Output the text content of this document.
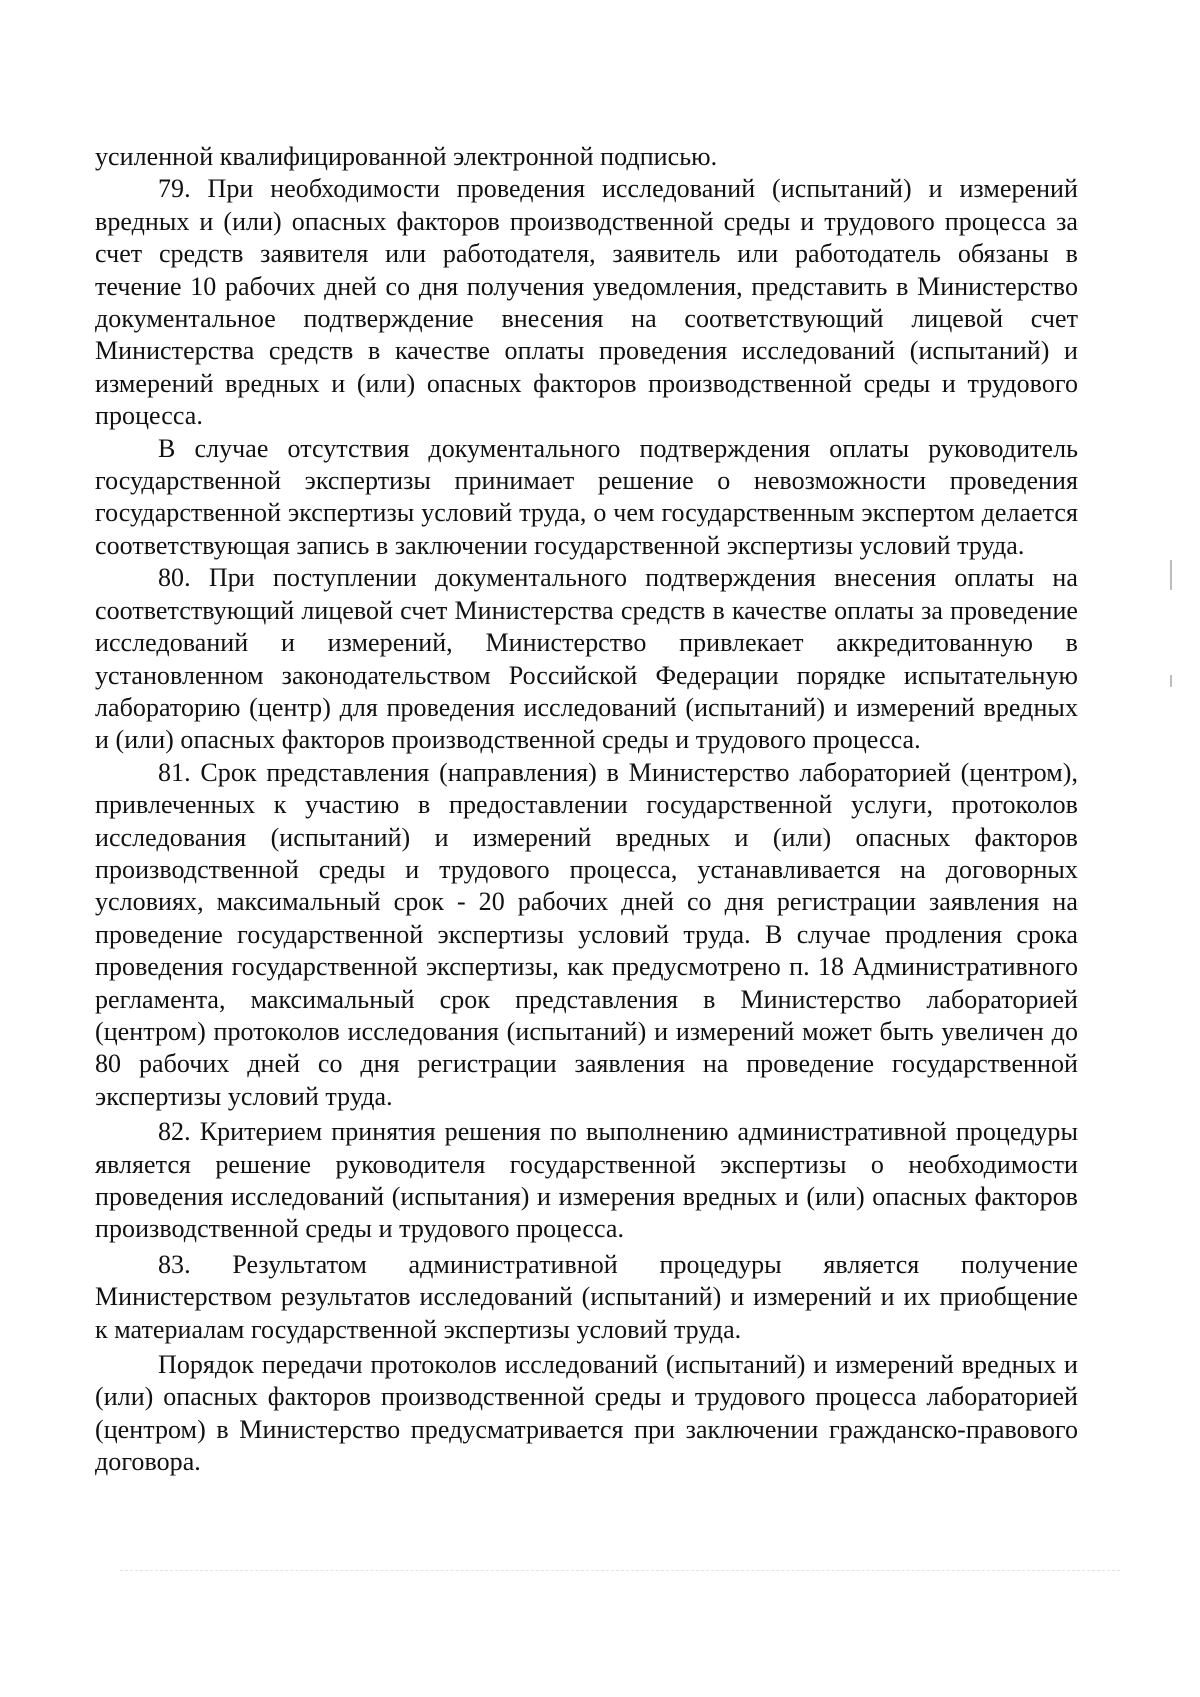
усиленной квалифицированной электронной подписью.

79. При необходимости проведения исследований (испытаний) и измерений вредных и (или) опасных факторов производственной среды и трудового процесса за счет средств заявителя или работодателя, заявитель или работодатель обязаны в течение 10 рабочих дней со дня получения уведомления, представить в Министерство документальное подтверждение внесения на соответствующий лицевой счет Министерства средств в качестве оплаты проведения исследований (испытаний) и измерений вредных и (или) опасных факторов производственной среды и трудового процесса.

В случае отсутствия документального подтверждения оплаты руководитель государственной экспертизы принимает решение о невозможности проведения государственной экспертизы условий труда, о чем государственным экспертом делается соответствующая запись в заключении государственной экспертизы условий труда.

80. При поступлении документального подтверждения внесения оплаты на соответствующий лицевой счет Министерства средств в качестве оплаты за проведение исследований и измерений, Министерство привлекает аккредитованную в установленном законодательством Российской Федерации порядке испытательную лабораторию (центр) для проведения исследований (испытаний) и измерений вредных и (или) опасных факторов производственной среды и трудового процесса.

81. Срок представления (направления) в Министерство лабораторией (центром), привлеченных к участию в предоставлении государственной услуги, протоколов исследования (испытаний) и измерений вредных и (или) опасных факторов производственной среды и трудового процесса, устанавливается на договорных условиях, максимальный срок - 20 рабочих дней со дня регистрации заявления на проведение государственной экспертизы условий труда. В случае продления срока проведения государственной экспертизы, как предусмотрено п. 18 Административного регламента, максимальный срок представления в Министерство лабораторией (центром) протоколов исследования (испытаний) и измерений может быть увеличен до 80 рабочих дней со дня регистрации заявления на проведение государственной экспертизы условий труда.

82. Критерием принятия решения по выполнению административной процедуры является решение руководителя государственной экспертизы о необходимости проведения исследований (испытания) и измерения вредных и (или) опасных факторов производственной среды и трудового процесса.

83. Результатом административной процедуры является получение Министерством результатов исследований (испытаний) и измерений и их приобщение к материалам государственной экспертизы условий труда.

Порядок передачи протоколов исследований (испытаний) и измерений вредных и (или) опасных факторов производственной среды и трудового процесса лабораторией (центром) в Министерство предусматривается при заключении гражданско-правового договора.
